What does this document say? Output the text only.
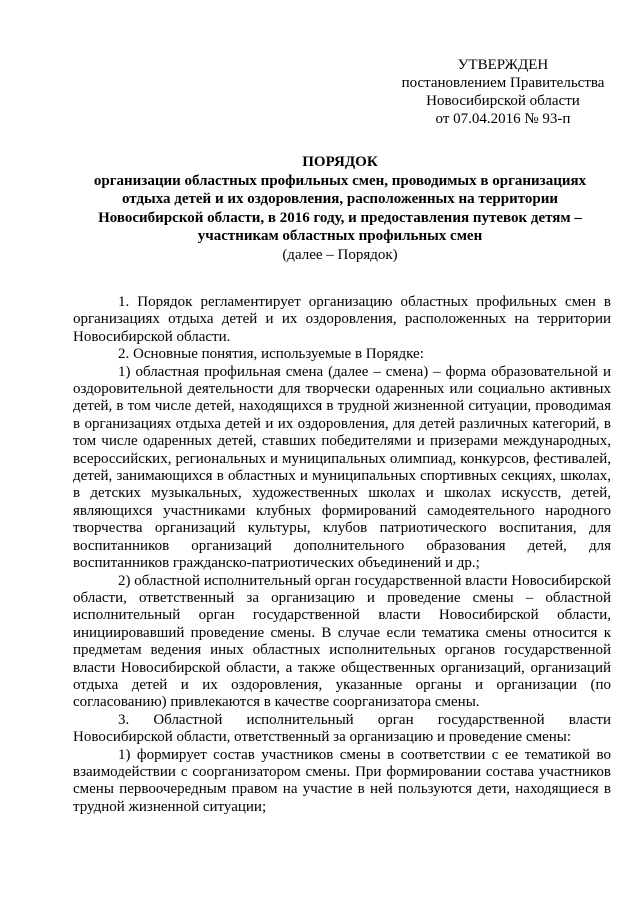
УТВЕРЖДЕН
постановлением Правительства
Новосибирской области
от 07.04.2016 № 93-п
ПОРЯДОК
организации областных профильных смен, проводимых в организациях отдыха детей и их оздоровления, расположенных на территории Новосибирской области, в 2016 году, и предоставления путевок детям – участникам областных профильных смен
(далее – Порядок)

1. Порядок регламентирует организацию областных профильных смен в организациях отдыха детей и их оздоровления, расположенных на территории Новосибирской области.

2. Основные понятия, используемые в Порядке:

1) областная профильная смена (далее – смена) – форма образовательной и оздоровительной деятельности для творчески одаренных или социально активных детей, в том числе детей, находящихся в трудной жизненной ситуации, проводимая в организациях отдыха детей и их оздоровления, для детей различных категорий, в том числе одаренных детей, ставших победителями и призерами международных, всероссийских, региональных и муниципальных олимпиад, конкурсов, фестивалей, детей, занимающихся в областных и муниципальных спортивных секциях, школах, в детских музыкальных, художественных школах и школах искусств, детей, являющихся участниками клубных формирований самодеятельного народного творчества организаций культуры, клубов патриотического воспитания, для воспитанников организаций дополнительного образования детей, для воспитанников гражданско-патриотических объединений и др.;

2) областной исполнительный орган государственной власти Новосибирской области, ответственный за организацию и проведение смены – областной исполнительный орган государственной власти Новосибирской области, инициировавший проведение смены. В случае если тематика смены относится к предметам ведения иных областных исполнительных органов государственной власти Новосибирской области, а также общественных организаций, организаций отдыха детей и их оздоровления, указанные органы и организации (по согласованию) привлекаются в качестве соорганизатора смены.

3. Областной исполнительный орган государственной власти Новосибирской области, ответственный за организацию и проведение смены:

1) формирует состав участников смены в соответствии с ее тематикой во взаимодействии с соорганизатором смены. При формировании состава участников смены первоочередным правом на участие в ней пользуются дети, находящиеся в трудной жизненной ситуации;
